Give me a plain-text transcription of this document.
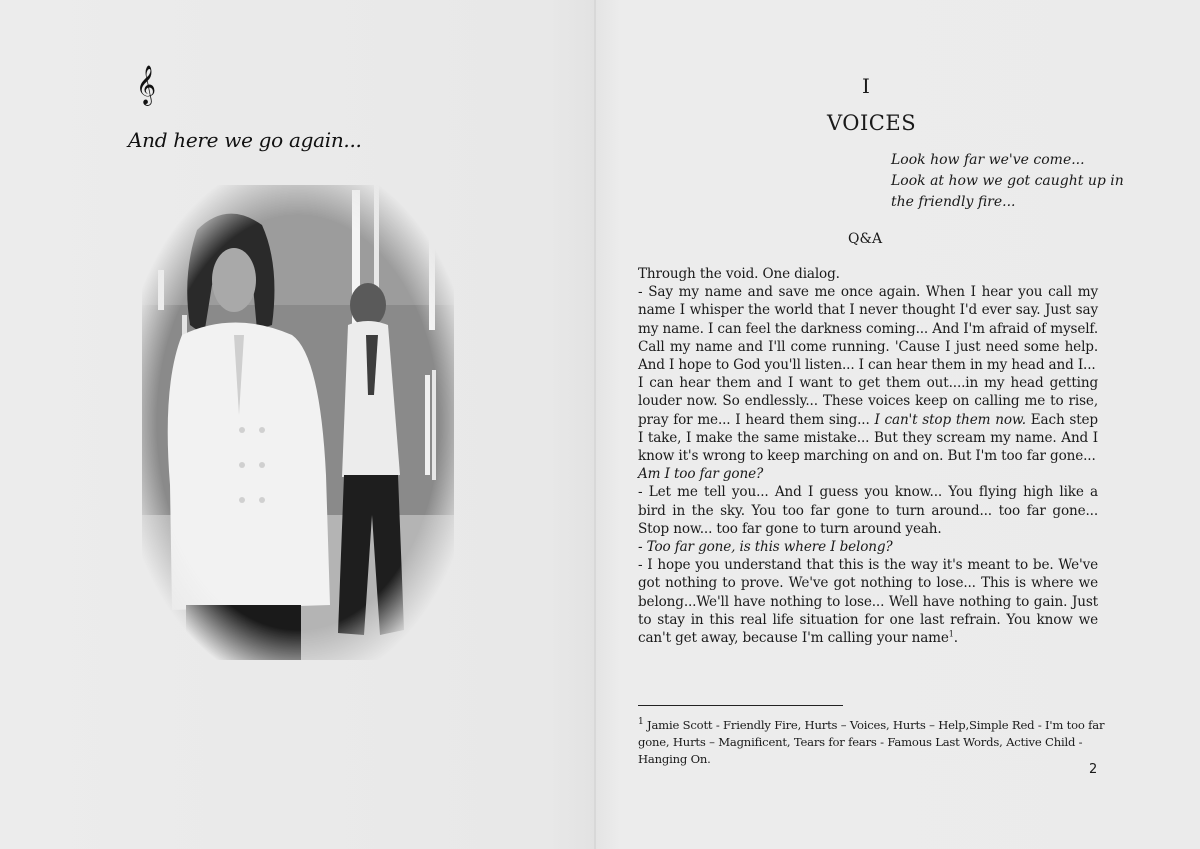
𝄞
And here we go again...
I
VOICES
Look how far we've come...
Look at how we got caught up in
the friendly fire...
Q&A

Through the void. One dialog.

- Say my name and save me once again. When I hear you call my name I whisper the world that I never thought I'd ever say. Just say my name. I can feel the darkness coming... And I'm afraid of myself. Call my name and I'll come running. 'Cause I just need some help. And I hope to God you'll listen... I can hear them in my head and I...

I can hear them and I want to get them out....in my head getting louder now. So endlessly... These voices keep on calling me to rise, pray for me... I heard them sing... I can't stop them now. Each step I take, I make the same mistake... But they scream my name. And I know it's wrong to keep marching on and on. But I'm too far gone...

Am I too far gone?

- Let me tell you... And I guess you know... You flying high like a bird in the sky. You too far gone to turn around... too far gone... Stop now... too far gone to turn around yeah.

- Too far gone, is this where I belong?

- I hope you understand that this is the way it's meant to be. We've got nothing to prove. We've got nothing to lose... This is where we belong...We'll have nothing to lose... Well have nothing to gain. Just to stay in this real life situation for one last refrain. You know we can't get away, because I'm calling your name$^1$.

$^1$ Jamie Scott - Friendly Fire, Hurts – Voices, Hurts – Help,Simple Red - I'm too far gone, Hurts – Magnificent, Tears for fears - Famous Last Words, Active Child - Hanging On.
2
